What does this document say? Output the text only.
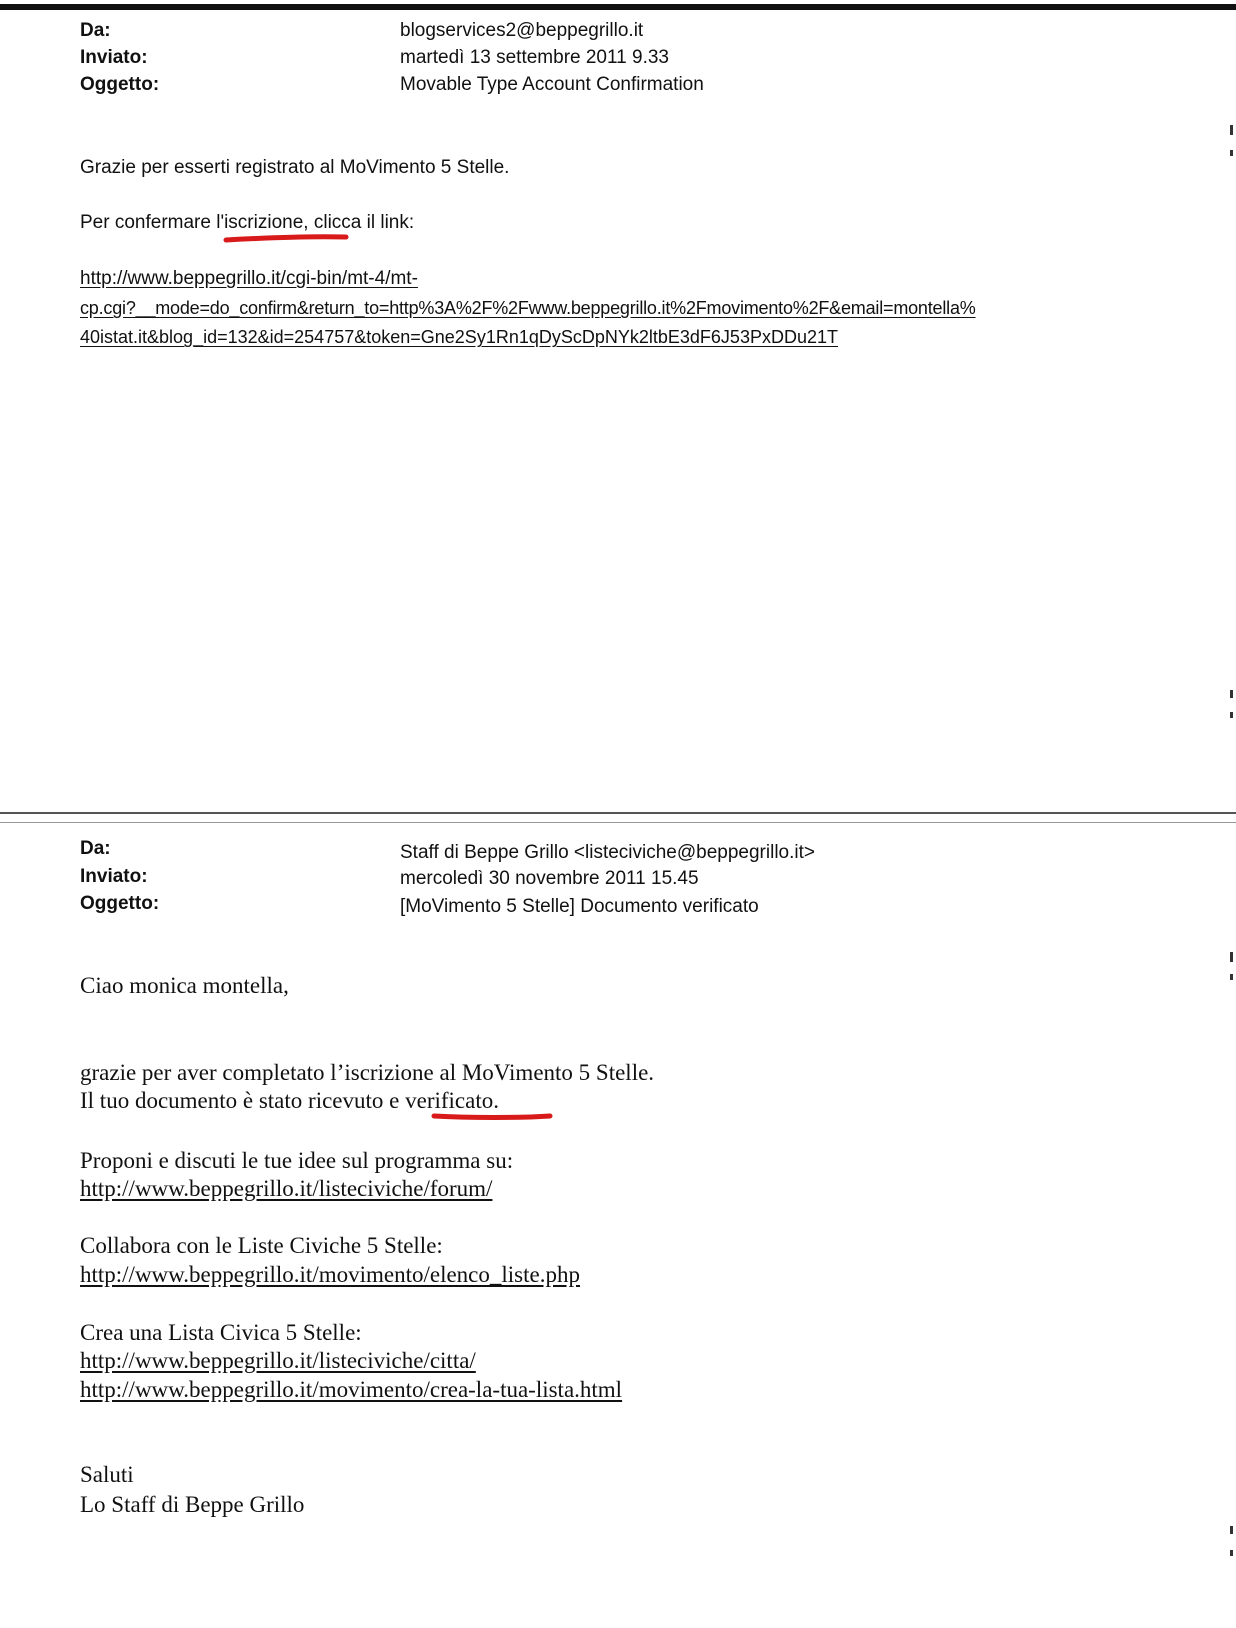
Da:	blogservices2@beppegrillo.it
Inviato:	martedì 13 settembre 2011 9.33
Oggetto:	Movable Type Account Confirmation
Grazie per esserti registrato al MoVimento 5 Stelle.
Per confermare l'iscrizione, clicca il link:
http://www.beppegrillo.it/cgi-bin/mt-4/mt-
cp.cgi?__mode=do_confirm&return_to=http%3A%2F%2Fwww.beppegrillo.it%2Fmovimento%2F&email=montella%
40istat.it&blog_id=132&id=254757&token=Gne2Sy1Rn1qDyScDpNYk2ltbE3dF6J53PxDDu21T
Da:	Staff di Beppe Grillo <listeciviche@beppegrillo.it>
Inviato:	mercoledì 30 novembre 2011 15.45
Oggetto:	[MoVimento 5 Stelle] Documento verificato
Ciao monica montella,
grazie per aver completato l’iscrizione al MoVimento 5 Stelle.
Il tuo documento è stato ricevuto e verificato.
Proponi e discuti le tue idee sul programma su:
http://www.beppegrillo.it/listeciviche/forum/
Collabora con le Liste Civiche 5 Stelle:
http://www.beppegrillo.it/movimento/elenco_liste.php
Crea una Lista Civica 5 Stelle:
http://www.beppegrillo.it/listeciviche/citta/
http://www.beppegrillo.it/movimento/crea-la-tua-lista.html
Saluti
Lo Staff di Beppe Grillo
